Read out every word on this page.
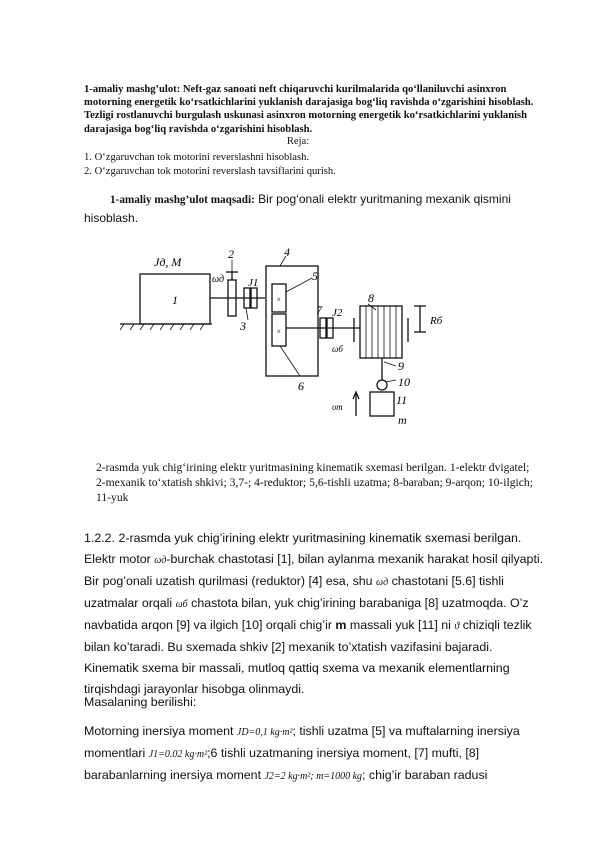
1-amaliy mashg’ulot: Neft-gaz sanoati neft chiqaruvchi kurilmalarida qo‘llaniluvchi asinxron motorning energetik ko‘rsatkichlarini yuklanish darajasiga bog‘liq ravishda o‘zgarishini hisoblash. Tezligi rostlanuvchi burgulash uskunasi asinxron motorning energetik ko‘rsatkichlarini yuklanish darajasiga bog‘liq ravishda o‘zgarishini hisoblash.
Reja:
1. O‘zgaruvchan tok motorini reverslashni hisoblash.
2. O‘zgaruvchan tok motorini reverslash tavsiflarini qurish.
1-amaliy mashg’ulot maqsadi: Bir pog‘onali elektr yuritmaning mexanik qismini hisoblash.
×
×
Jд, M
1
2
3
4
5
6
7
8
9
10
11
J1
J2
ωд
ωб
Rб
υm
m
2-rasmda yuk chig‘irining elektr yuritmasining kinematik sxemasi berilgan. 1-elektr dvigatel; 2-mexanik to‘xtatish shkivi; 3,7-; 4-reduktor; 5,6-tishli uzatma; 8-baraban; 9-arqon; 10-ilgich; 11-yuk

1.2.2. 2-rasmda yuk chig’irining elektr yuritmasining kinematik sxemasi berilgan. Elektr motor ωд-burchak chastotasi [1], bilan aylanma mexanik harakat hosil qilyapti. Bir pog’onali uzatish qurilmasi (reduktor) [4] esa, shu ωд chastotani [5.6] tishli uzatmalar orqali ωб chastota bilan, yuk chig’irining barabaniga [8] uzatmoqda. O’z navbatida arqon [9] va ilgich [10] orqali chig’ir m massali yuk [11] ni ϑ chiziqli tezlik bilan ko’taradi. Bu sxemada shkiv [2] mexanik to’xtatish vazifasini bajaradi. Kinematik sxema bir massali, mutloq qattiq sxema va mexanik elementlarning tirqishdagi jarayonlar hisobga olinmaydi.

Masalaning berilishi:

Motorning inersiya moment JD=0,1 kg·m²; tishli uzatma [5] va muftalarning inersiya momentlari J1=0.02 kg·m²;6 tishli uzatmaning inersiya moment, [7] mufti, [8] barabanlarning inersiya moment J2=2 kg·m²; m=1000 kg; chig’ir baraban radusi
